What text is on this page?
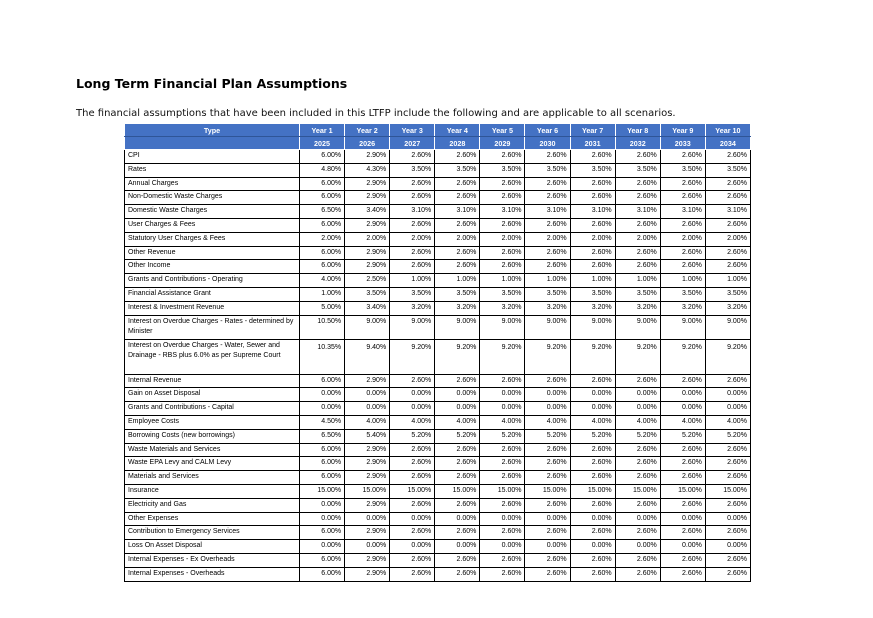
Long Term Financial Plan Assumptions
The financial assumptions that have been included in this LTFP include the following and are applicable to all scenarios.
Type	Year 1	Year 2	Year 3	Year 4	Year 5	Year 6	Year 7	Year 8	Year 9	Year 10
	2025	2026	2027	2028	2029	2030	2031	2032	2033	2034
CPI	6.00%	2.90%	2.60%	2.60%	2.60%	2.60%	2.60%	2.60%	2.60%	2.60%
Rates	4.80%	4.30%	3.50%	3.50%	3.50%	3.50%	3.50%	3.50%	3.50%	3.50%
Annual Charges	6.00%	2.90%	2.60%	2.60%	2.60%	2.60%	2.60%	2.60%	2.60%	2.60%
Non-Domestic Waste Charges	6.00%	2.90%	2.60%	2.60%	2.60%	2.60%	2.60%	2.60%	2.60%	2.60%
Domestic Waste Charges	6.50%	3.40%	3.10%	3.10%	3.10%	3.10%	3.10%	3.10%	3.10%	3.10%
User Charges & Fees	6.00%	2.90%	2.60%	2.60%	2.60%	2.60%	2.60%	2.60%	2.60%	2.60%
Statutory User Charges & Fees	2.00%	2.00%	2.00%	2.00%	2.00%	2.00%	2.00%	2.00%	2.00%	2.00%
Other Revenue	6.00%	2.90%	2.60%	2.60%	2.60%	2.60%	2.60%	2.60%	2.60%	2.60%
Other Income	6.00%	2.90%	2.60%	2.60%	2.60%	2.60%	2.60%	2.60%	2.60%	2.60%
Grants and Contributions - Operating	4.00%	2.50%	1.00%	1.00%	1.00%	1.00%	1.00%	1.00%	1.00%	1.00%
Financial Assistance Grant	1.00%	3.50%	3.50%	3.50%	3.50%	3.50%	3.50%	3.50%	3.50%	3.50%
Interest & Investment Revenue	5.00%	3.40%	3.20%	3.20%	3.20%	3.20%	3.20%	3.20%	3.20%	3.20%
Interest on Overdue Charges - Rates - determined by Minister	10.50%	9.00%	9.00%	9.00%	9.00%	9.00%	9.00%	9.00%	9.00%	9.00%
Interest on Overdue Charges - Water, Sewer and Drainage - RBS plus 6.0% as per Supreme Court	10.35%	9.40%	9.20%	9.20%	9.20%	9.20%	9.20%	9.20%	9.20%	9.20%
Internal Revenue	6.00%	2.90%	2.60%	2.60%	2.60%	2.60%	2.60%	2.60%	2.60%	2.60%
Gain on Asset Disposal	0.00%	0.00%	0.00%	0.00%	0.00%	0.00%	0.00%	0.00%	0.00%	0.00%
Grants and Contributions - Capital	0.00%	0.00%	0.00%	0.00%	0.00%	0.00%	0.00%	0.00%	0.00%	0.00%
Employee Costs	4.50%	4.00%	4.00%	4.00%	4.00%	4.00%	4.00%	4.00%	4.00%	4.00%
Borrowing Costs (new borrowings)	6.50%	5.40%	5.20%	5.20%	5.20%	5.20%	5.20%	5.20%	5.20%	5.20%
Waste Materials and Services	6.00%	2.90%	2.60%	2.60%	2.60%	2.60%	2.60%	2.60%	2.60%	2.60%
Waste EPA Levy and CALM Levy	6.00%	2.90%	2.60%	2.60%	2.60%	2.60%	2.60%	2.60%	2.60%	2.60%
Materials and Services	6.00%	2.90%	2.60%	2.60%	2.60%	2.60%	2.60%	2.60%	2.60%	2.60%
Insurance	15.00%	15.00%	15.00%	15.00%	15.00%	15.00%	15.00%	15.00%	15.00%	15.00%
Electricity and Gas	0.00%	2.90%	2.60%	2.60%	2.60%	2.60%	2.60%	2.60%	2.60%	2.60%
Other Expenses	0.00%	0.00%	0.00%	0.00%	0.00%	0.00%	0.00%	0.00%	0.00%	0.00%
Contribution to Emergency Services	6.00%	2.90%	2.60%	2.60%	2.60%	2.60%	2.60%	2.60%	2.60%	2.60%
Loss On Asset Disposal	0.00%	0.00%	0.00%	0.00%	0.00%	0.00%	0.00%	0.00%	0.00%	0.00%
Internal Expenses - Ex Overheads	6.00%	2.90%	2.60%	2.60%	2.60%	2.60%	2.60%	2.60%	2.60%	2.60%
Internal Expenses - Overheads	6.00%	2.90%	2.60%	2.60%	2.60%	2.60%	2.60%	2.60%	2.60%	2.60%
